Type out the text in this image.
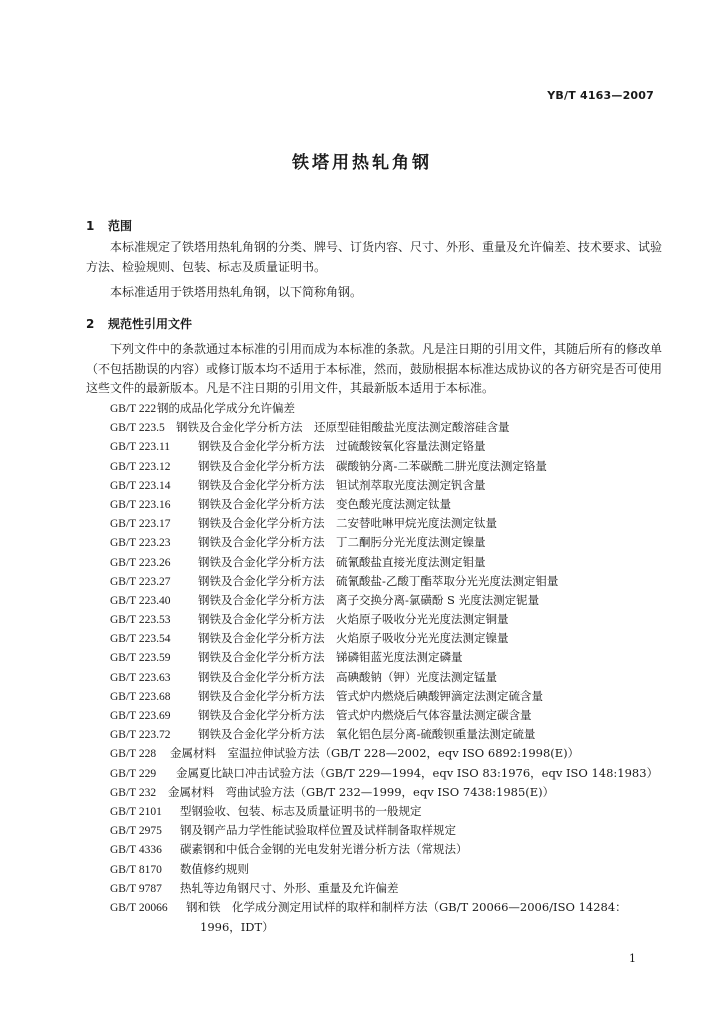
YB/T 4163—2007
铁塔用热轧角钢
1 范围

本标准规定了铁塔用热轧角钢的分类、牌号、订货内容、尺寸、外形、重量及允许偏差、技术要求、试验方法、检验规则、包装、标志及质量证明书。

本标准适用于铁塔用热轧角钢，以下简称角钢。

2 规范性引用文件

下列文件中的条款通过本标准的引用而成为本标准的条款。凡是注日期的引用文件，其随后所有的修改单（不包括勘误的内容）或修订版本均不适用于本标准，然而，鼓励根据本标准达成协议的各方研究是否可使用这些文件的最新版本。凡是不注日期的引用文件，其最新版本适用于本标准。

GB/T 222钢的成品化学成分允许偏差
GB/T 223.5 钢铁及合金化学分析方法　还原型硅钼酸盐光度法测定酸溶硅含量
GB/T 223.11 钢铁及合金化学分析方法　过硫酸铵氧化容量法测定铬量
GB/T 223.12 钢铁及合金化学分析方法　碳酸钠分离-二苯碳酰二肼光度法测定铬量
GB/T 223.14 钢铁及合金化学分析方法　钽试剂萃取光度法测定钒含量
GB/T 223.16 钢铁及合金化学分析方法　变色酸光度法测定钛量
GB/T 223.17 钢铁及合金化学分析方法　二安替吡啉甲烷光度法测定钛量
GB/T 223.23 钢铁及合金化学分析方法　丁二酮肟分光光度法测定镍量
GB/T 223.26 钢铁及合金化学分析方法　硫氰酸盐直接光度法测定钼量
GB/T 223.27 钢铁及合金化学分析方法　硫氰酸盐-乙酸丁酯萃取分光光度法测定钼量
GB/T 223.40 钢铁及合金化学分析方法　离子交换分离-氯磺酚 S 光度法测定铌量
GB/T 223.53 钢铁及合金化学分析方法　火焰原子吸收分光光度法测定铜量
GB/T 223.54 钢铁及合金化学分析方法　火焰原子吸收分光光度法测定镍量
GB/T 223.59 钢铁及合金化学分析方法　锑磷钼蓝光度法测定磷量
GB/T 223.63 钢铁及合金化学分析方法　高碘酸钠（钾）光度法测定锰量
GB/T 223.68 钢铁及合金化学分析方法　管式炉内燃烧后碘酸钾滴定法测定硫含量
GB/T 223.69 钢铁及合金化学分析方法　管式炉内燃烧后气体容量法测定碳含量
GB/T 223.72 钢铁及合金化学分析方法　氧化铝色层分离-硫酸钡重量法测定硫量
GB/T 228 金属材料　室温拉伸试验方法（GB/T 228—2002，eqv ISO 6892:1998(E)）
GB/T 229 金属夏比缺口冲击试验方法（GB/T 229—1994，eqv ISO 83:1976，eqv ISO 148:1983）
GB/T 232 金属材料　弯曲试验方法（GB/T 232—1999，eqv ISO 7438:1985(E)）
GB/T 2101 型钢验收、包装、标志及质量证明书的一般规定
GB/T 2975 钢及钢产品力学性能试验取样位置及试样制备取样规定
GB/T 4336 碳素钢和中低合金钢的光电发射光谱分析方法（常规法）
GB/T 8170 数值修约规则
GB/T 9787 热轧等边角钢尺寸、外形、重量及允许偏差
GB/T 20066 钢和铁　化学成分测定用试样的取样和制样方法（GB/T 20066—2006/ISO 14284：
1996，IDT）
1
